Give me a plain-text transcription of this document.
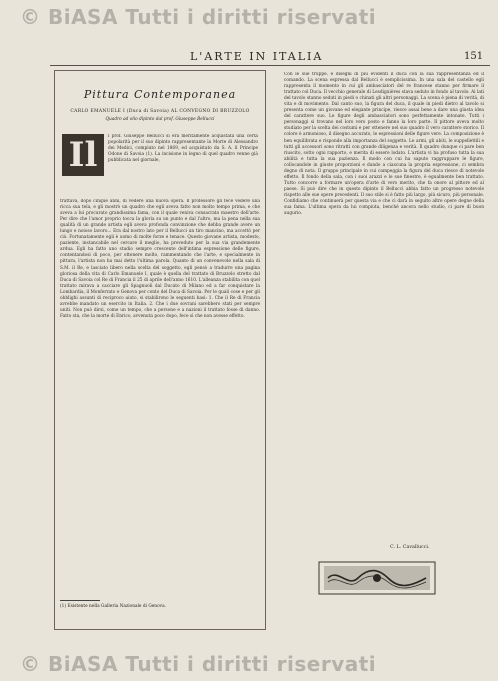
© BiASA Tutti i diritti riservati
L'ARTE IN ITALIA	151
Pittura Contemporanea
CARLO EMANUELE I (Duca di Savoia) AL CONVEGNO DI BRUZZOLO
Quadro ad olio dipinto dal prof. Giuseppe Bellucci
Il	l prof. Giuseppe Bellucci si era meritamente acquistata una certa popolarità per il suo dipinto rappresentante la Morte di Alessandro dei Medici, compiuto nel 1869, ed acquistato da S. A. il Principe Odone di Savoia (1). La incisione in legno di quel quadro venne già pubblicata nel giornale,
trattava, dopo cinque anni, di vedere una nuova opera. Il professore gli fece vedere una ricca sua tela, e gli mostrò un quadro che egli aveva fatto non molto tempo prima, e che aveva a lui procurato grandissima fama, con il quale veniva consacrato maestro dell'arte. Per dire che l'amor proprio tocca la gloria su un punto e dal l'altro, ma la pena nella sua qualità di un grande artista egli aveva profonda convinzione che debba grande avere un lungo e noioso lavoro... Era dal nostro lato per il Bellucci un tiro mancino, ma accettò per ciò. Fortunatamente egli è uomo di molte forze e tenace. Questo giovane artista, modesto, paziente, instancabile nel cercare il meglio, ha preveduto per la sua via grandemente ardua. Egli ha fatto uno studio sempre crescente dell'intima espressione delle figure, contentandosi di poco, per ottenere molto, rammentando che l'arte, e specialmente in pittura, l'artista non ha mai detto l'ultima parola. Quanto di un convenevole nella sala di S.M. il Re, e lasciato libero nella scelta del soggetto, egli pensò a tradurre una pagina gloriosa della vita di Carlo Emanuele I, quale è quella del trattato di Bruzzolo stretto dal Duca di Savoia col Re di Francia il 25 di aprile dell'anno 1610. L'alleanza stabilita con quel trattato mirava a cacciare gli Spagnuoli dal Ducato di Milano ed a far conquistare la Lombardia, il Monferrato e Genova per conto del Duca di Savoia. Per le quali cose e per gli obblighi assunti di reciproco aiuto, si stabilirono le seguenti basi: 1. Che il Re di Francia avrebbe mandato un esercito in Italia. 2. Che i due sovrani sarebbero stati per sempre uniti. Non può dirsi, come un tempo, che a persone e a nazioni il trattato fosse di danno. Fatto sta, che la morte di Enrico, avvenuta poco dopo, fece sì che non avesse effetto.
(1) Esistente nella Galleria Nazionale di Genova.
Con le sue truppe, e disegni di più evidenti il duca con la sua rappresentanza ed il comando. La scena espressa dal Bellucci è semplicissima. In una sala del castello egli rappresenta il momento in cui gli ambasciatori del re francese stanno per firmare il trattato col Duca. Il vecchio generale di Lesdiguières stava seduto in fondo al tavolo. Ai lati del tavolo stanno seduti in piedi o chinati gli altri personaggi. La scena è piena di verità, di vita e di movimento. Dal canto suo, la figura del duca, il quale in piedi dietro al tavolo si presenta come un giovane ed elegante principe, riesce assai bene a dare una giusta idea del carattere suo. Le figure degli ambasciatori sono perfettamente intonate. Tutti i personaggi si trovano nel loro vero posto e fanno la loro parte. Il pittore aveva molto studiato per la scelta dei costumi e per ottenere nel suo quadro il vero carattere storico. Il colore è armonioso, il disegno accurato, le espressioni delle figure vere. La composizione è ben equilibrata e risponde alla importanza del soggetto. Le armi, gli abiti, le suppellettili e tutti gli accessori sono ritratti con grande diligenza e verità. Il quadro dunque ci pare ben riuscito, sotto ogni rapporto, e merita di essere lodato. L'artista vi ha profuso tutta la sua abilità e tutta la sua pazienza. Il modo con cui ha saputo raggruppare le figure, collocandole in giuste proporzioni e dando a ciascuna la propria espressione, ci sembra degno di nota. Il gruppo principale in cui campeggia la figura del duca riesce di notevole effetto. Il fondo della sala, con i suoi arazzi e le sue finestre, è egualmente ben trattato. Tutto concorre a formare un'opera d'arte di vero merito, che fa onore al pittore ed al paese. Si può dire che in questo dipinto il Bellucci abbia fatto un progresso notevole rispetto alle sue opere precedenti. Il suo stile si è fatto più largo, più sicuro, più personale. Confidiamo che continuerà per questa via e che ci darà in seguito altre opere degne della sua fama. L'ultima opera da lui compiuta, benché ancora nello studio, ci pare di buon augurio.
C. L. Cavallucci.
© BiASA Tutti i diritti riservati
